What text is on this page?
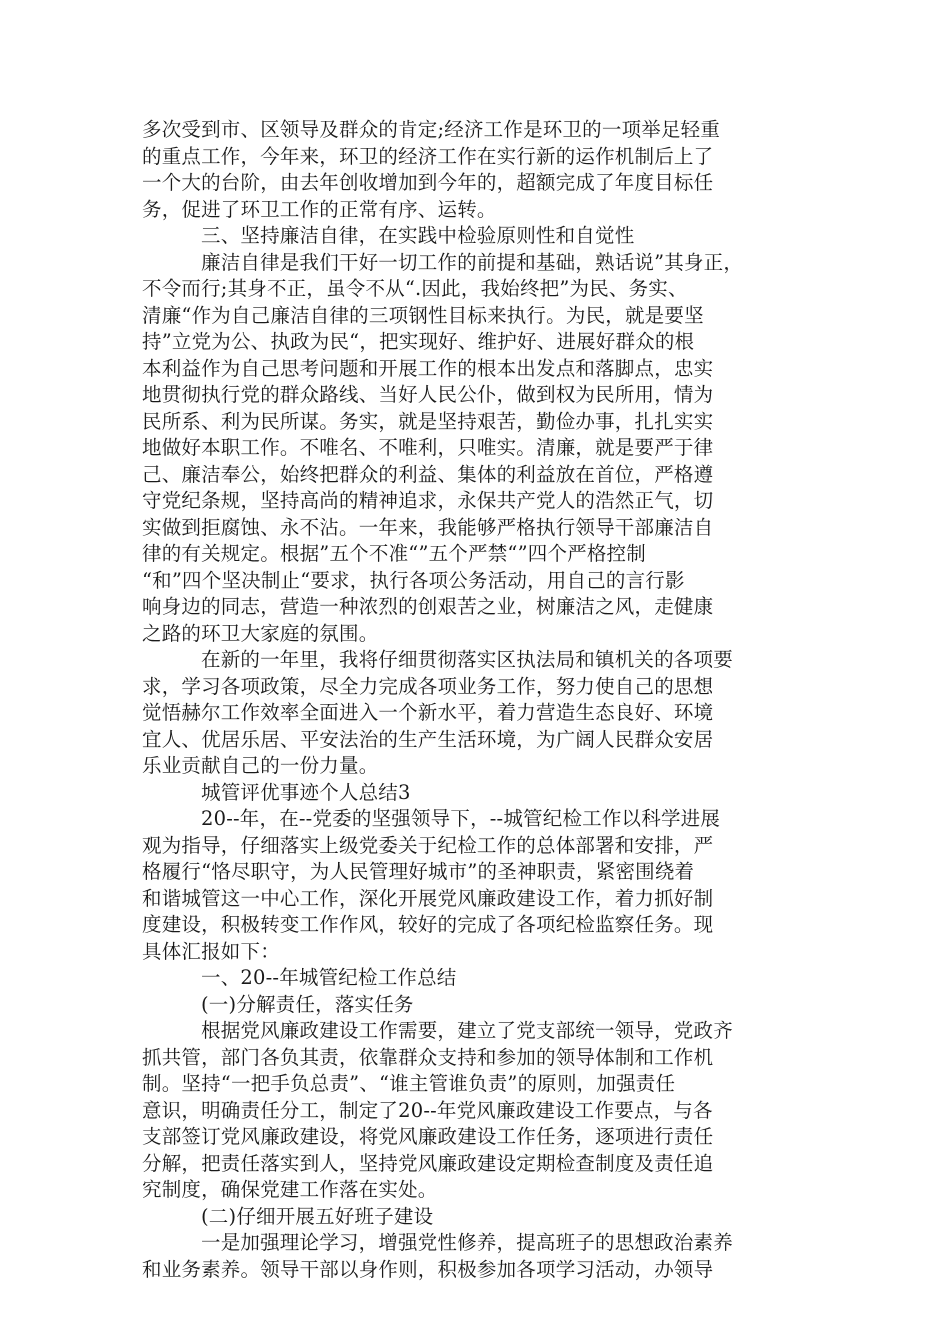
多次受到市、区领导及群众的肯定;经济工作是环卫的一项举足轻重
的重点工作，今年来，环卫的经济工作在实行新的运作机制后上了
一个大的台阶，由去年创收增加到今年的，超额完成了年度目标任
务，促进了环卫工作的正常有序、运转。
三、坚持廉洁自律，在实践中检验原则性和自觉性
廉洁自律是我们干好一切工作的前提和基础，熟话说”其身正，
不令而行;其身不正，虽令不从“.因此，我始终把”为民、务实、
清廉“作为自己廉洁自律的三项钢性目标来执行。为民，就是要坚
持”立党为公、执政为民“，把实现好、维护好、进展好群众的根
本利益作为自己思考问题和开展工作的根本出发点和落脚点，忠实
地贯彻执行党的群众路线、当好人民公仆，做到权为民所用，情为
民所系、利为民所谋。务实，就是坚持艰苦，勤俭办事，扎扎实实
地做好本职工作。不唯名、不唯利，只唯实。清廉，就是要严于律
己、廉洁奉公，始终把群众的利益、集体的利益放在首位，严格遵
守党纪条规，坚持高尚的精神追求，永保共产党人的浩然正气，切
实做到拒腐蚀、永不沾。一年来，我能够严格执行领导干部廉洁自
律的有关规定。根据”五个不准“”五个严禁“”四个严格控制
“和”四个坚决制止“要求，执行各项公务活动，用自己的言行影
响身边的同志，营造一种浓烈的创艰苦之业，树廉洁之风，走健康
之路的环卫大家庭的氛围。
在新的一年里，我将仔细贯彻落实区执法局和镇机关的各项要
求，学习各项政策，尽全力完成各项业务工作，努力使自己的思想
觉悟赫尔工作效率全面进入一个新水平，着力营造生态良好、环境
宜人、优居乐居、平安法治的生产生活环境，为广阔人民群众安居
乐业贡献自己的一份力量。
城管评优事迹个人总结3
20--年，在--党委的坚强领导下，--城管纪检工作以科学进展
观为指导，仔细落实上级党委关于纪检工作的总体部署和安排，严
格履行“恪尽职守，为人民管理好城市”的圣神职责，紧密围绕着
和谐城管这一中心工作，深化开展党风廉政建设工作，着力抓好制
度建设，积极转变工作作风，较好的完成了各项纪检监察任务。现
具体汇报如下：
一、20--年城管纪检工作总结
(一)分解责任，落实任务
根据党风廉政建设工作需要，建立了党支部统一领导，党政齐
抓共管，部门各负其责，依靠群众支持和参加的领导体制和工作机
制。坚持“一把手负总责”、“谁主管谁负责”的原则，加强责任
意识，明确责任分工，制定了20--年党风廉政建设工作要点，与各
支部签订党风廉政建设，将党风廉政建设工作任务，逐项进行责任
分解，把责任落实到人，坚持党风廉政建设定期检查制度及责任追
究制度，确保党建工作落在实处。
(二)仔细开展五好班子建设
一是加强理论学习，增强党性修养，提高班子的思想政治素养
和业务素养。领导干部以身作则，积极参加各项学习活动，办领导
